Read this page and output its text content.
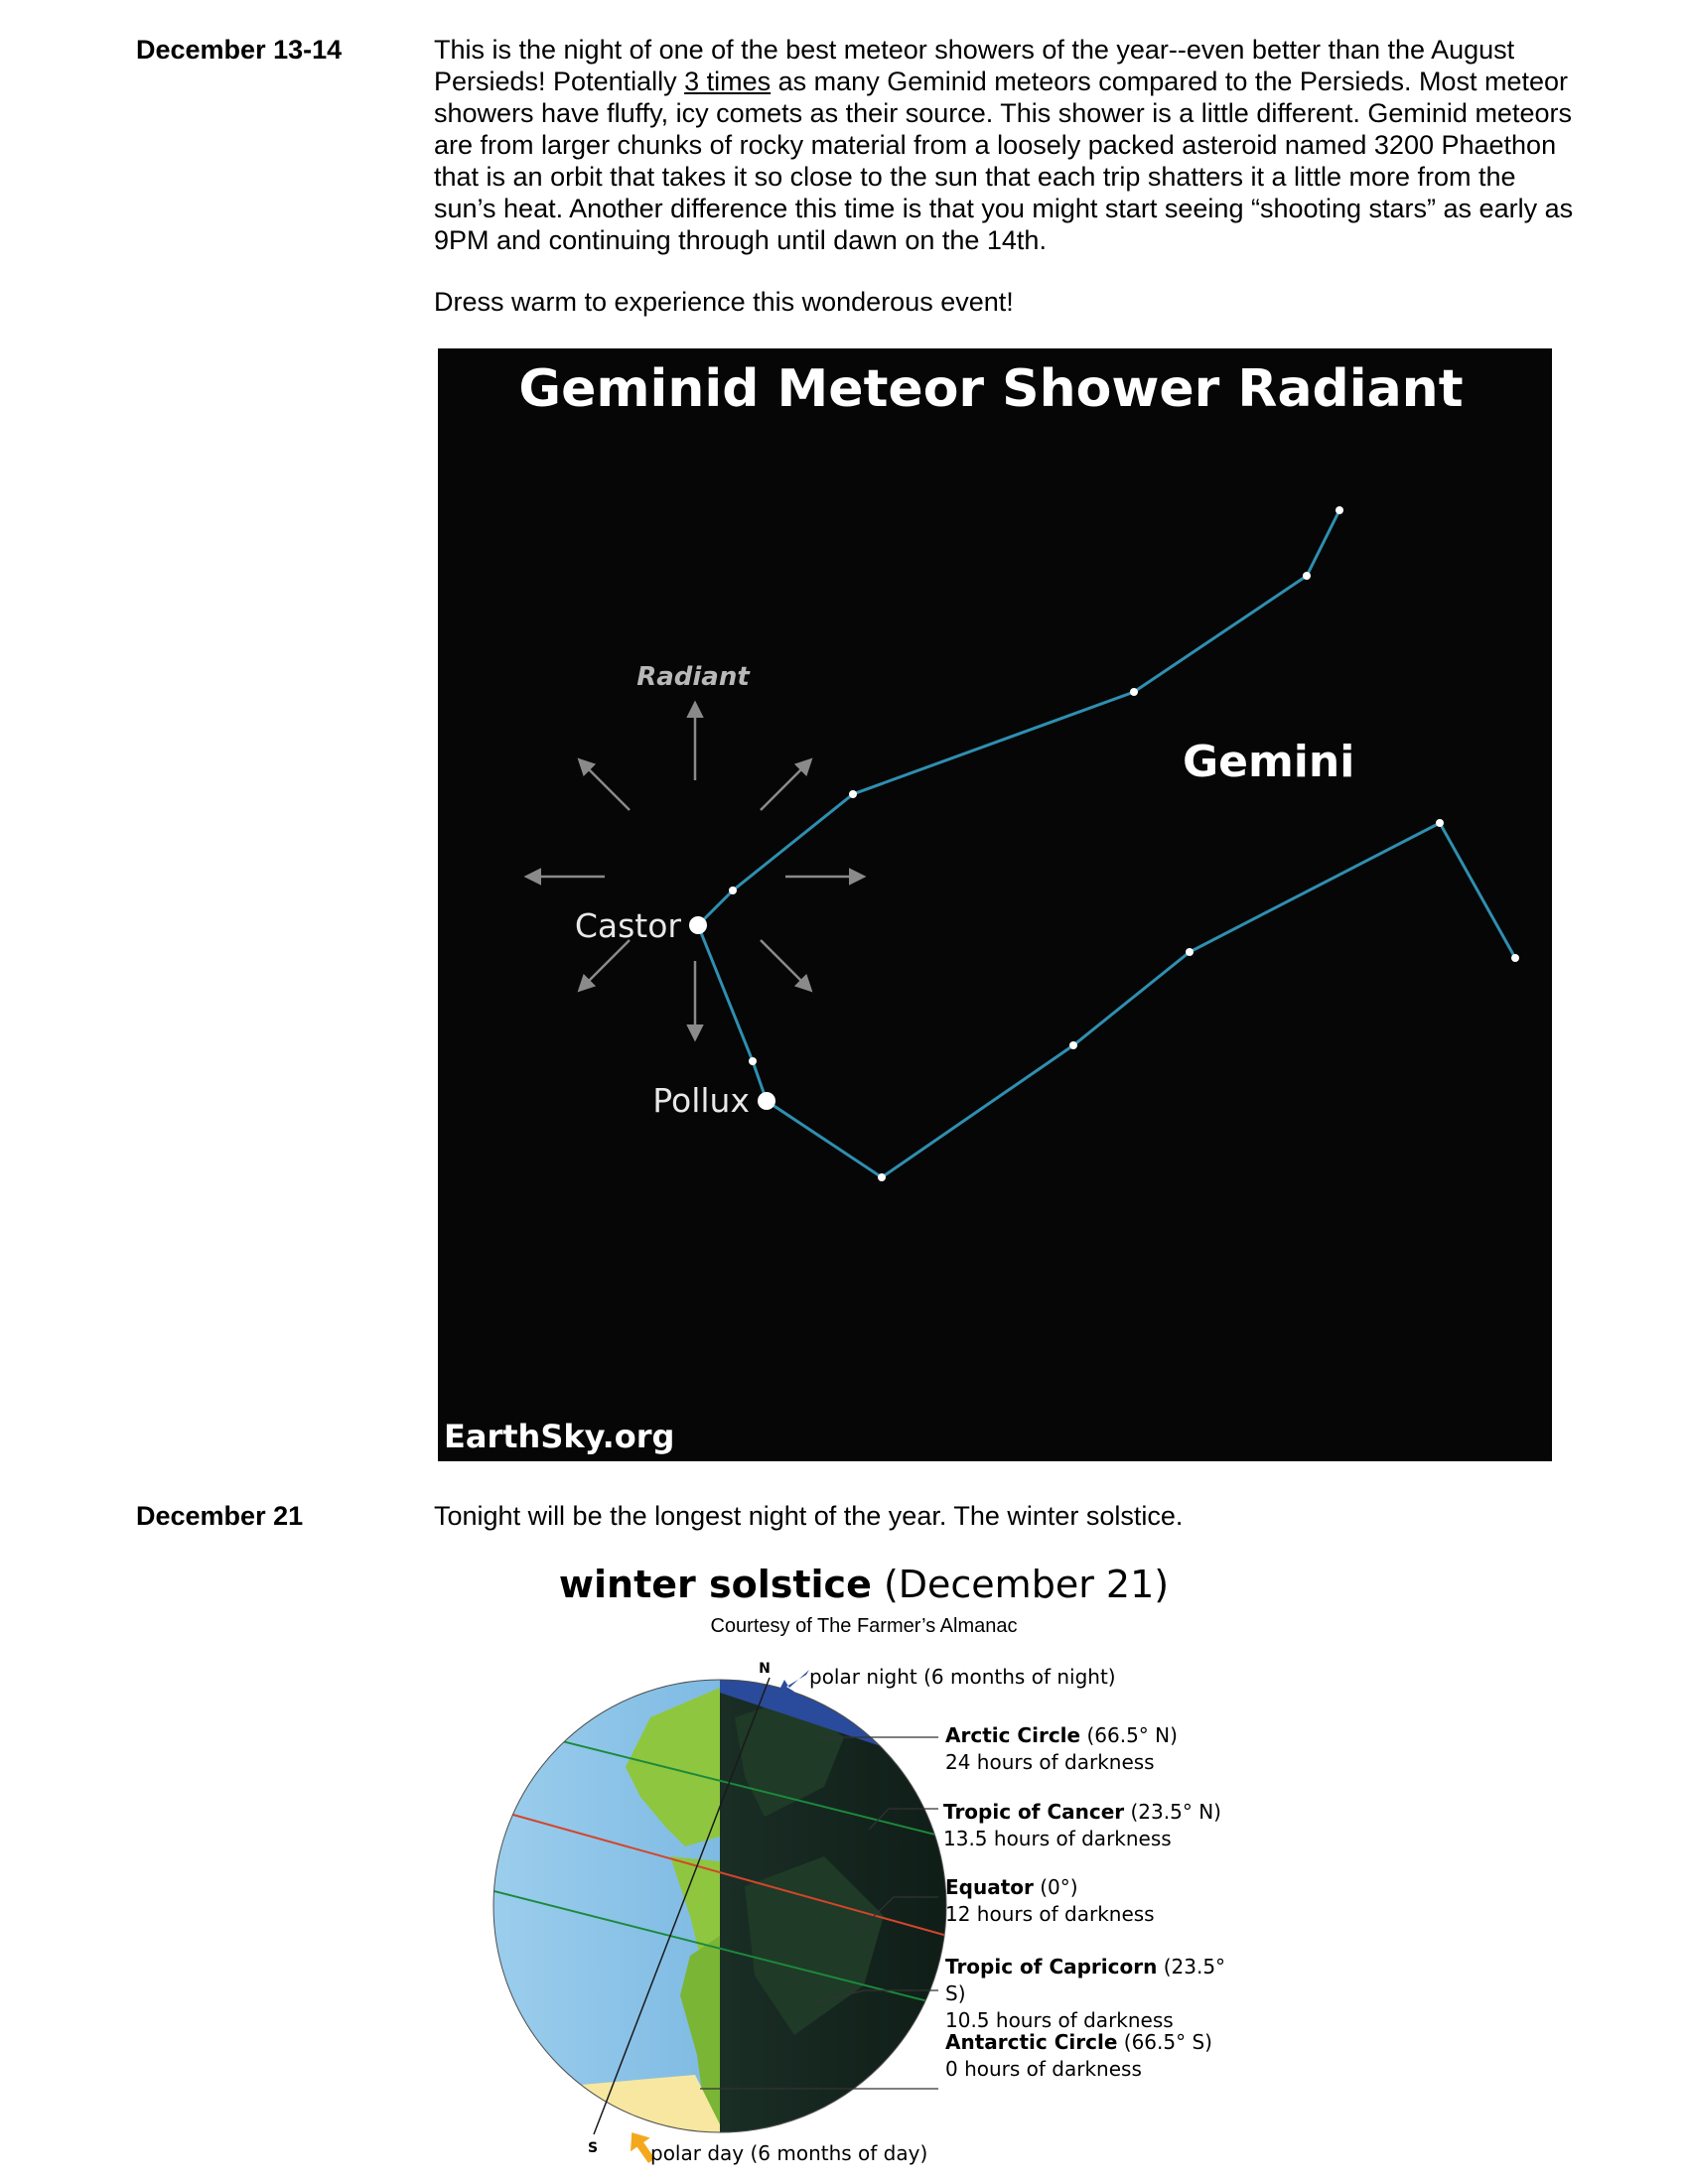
December 13-14	This is the night of one of the best meteor showers of the year--even better than the August Persieds! Potentially 3 times as many Geminid meteors compared to the Persieds. Most meteor showers have fluffy, icy comets as their source. This shower is a little different. Geminid meteors are from larger chunks of rocky material from a loosely packed asteroid named 3200 Phaethon that is an orbit that takes it so close to the sun that each trip shatters it a little more from the sun’s heat. Another difference this time is that you might start seeing “shooting stars” as early as 9PM and continuing through until dawn on the 14th.

Dress warm to experience this wonderous event!

Geminid Meteor Shower Radiant
Radiant
Castor
Pollux
Gemini
EarthSky.org
December 21	Tonight will be the longest night of the year. The winter solstice.

winter solstice (December 21)
Courtesy of The Farmer’s Almanac
N
S
polar night (6 months of night)
polar day (6 months of day)
Arctic Circle (66.5° N)
24 hours of darkness
Tropic of Cancer (23.5° N)
13.5 hours of darkness
Equator (0°)
12 hours of darkness
Tropic of Capricorn (23.5° S)
10.5 hours of darkness
Antarctic Circle (66.5° S)
0 hours of darkness
